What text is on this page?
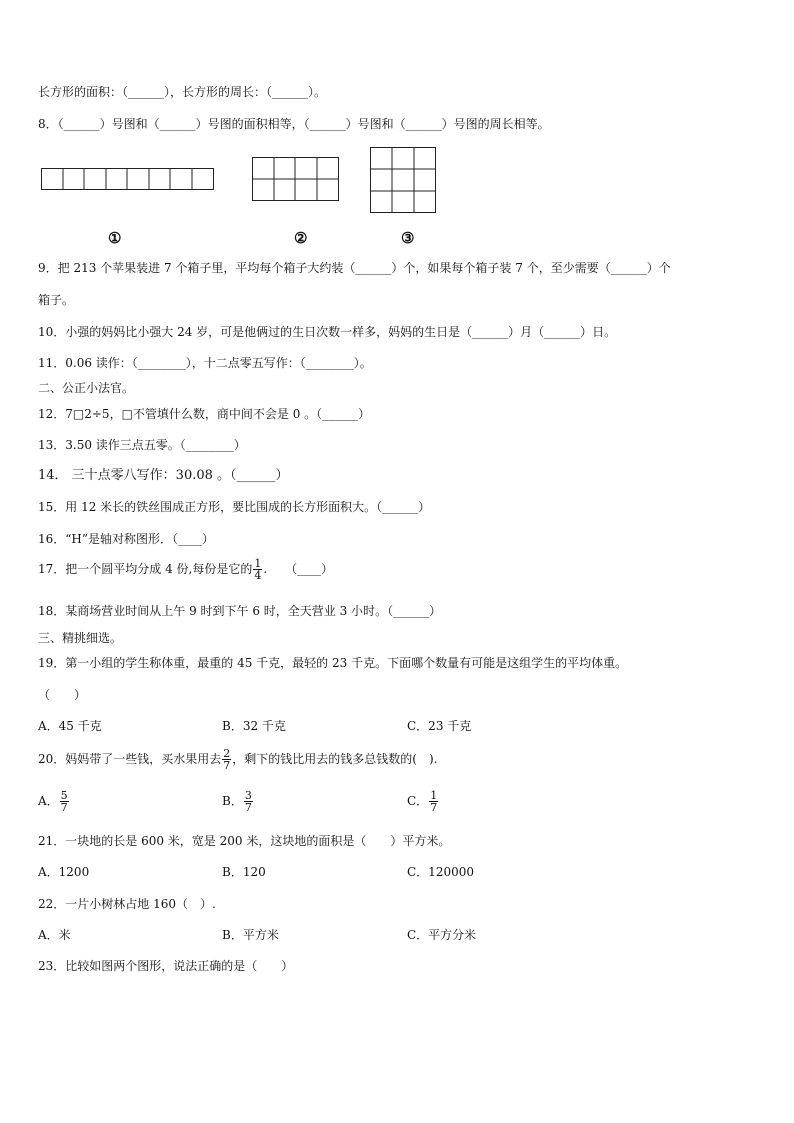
长方形的面积：（______），长方形的周长：（______）。
8．（______）号图和（______）号图的面积相等，（______）号图和（______）号图的周长相等。
①	②	③
9．把 213 个苹果装进 7 个箱子里，平均每个箱子大约装（______）个，如果每个箱子装 7 个，至少需要（______）个
箱子。
10．小强的妈妈比小强大 24 岁，可是他俩过的生日次数一样多，妈妈的生日是（______）月（______）日。
11．0.06 读作：（________），十二点零五写作：（________）。
二、公正小法官。
12．7□2÷5，□不管填什么数，商中间不会是 0 。（______）
13．3.50 读作三点五零。（________）
14． 三十点零八写作：30.08 。（______）
15．用 12 米长的铁丝围成正方形，要比围成的长方形面积大。（______）
16．“H”是轴对称图形．（____）
17．把一个圆平均分成 4 份,每份是它的 $\frac{1}{4}$ .　　（____）
18．某商场营业时间从上午 9 时到下午 6 时，全天营业 3 小时。（______）
三、精挑细选。
19．第一小组的学生称体重，最重的 45 千克，最轻的 23 千克。下面哪个数量有可能是这组学生的平均体重。
（　　）
A．45 千克	B．32 千克	C．23 千克
20．妈妈带了一些钱，买水果用去 $\frac{2}{7}$ ，剩下的钱比用去的钱多总钱数的(　).
A． $\frac{5}{7}$	B． $\frac{3}{7}$	C． $\frac{1}{7}$
21．一块地的长是 600 米，宽是 200 米，这块地的面积是（　　）平方米。
A．1200	B．120	C．120000
22．一片小树林占地 160（　）.
A．米	B．平方米	C．平方分米
23．比较如图两个图形，说法正确的是（　　）
